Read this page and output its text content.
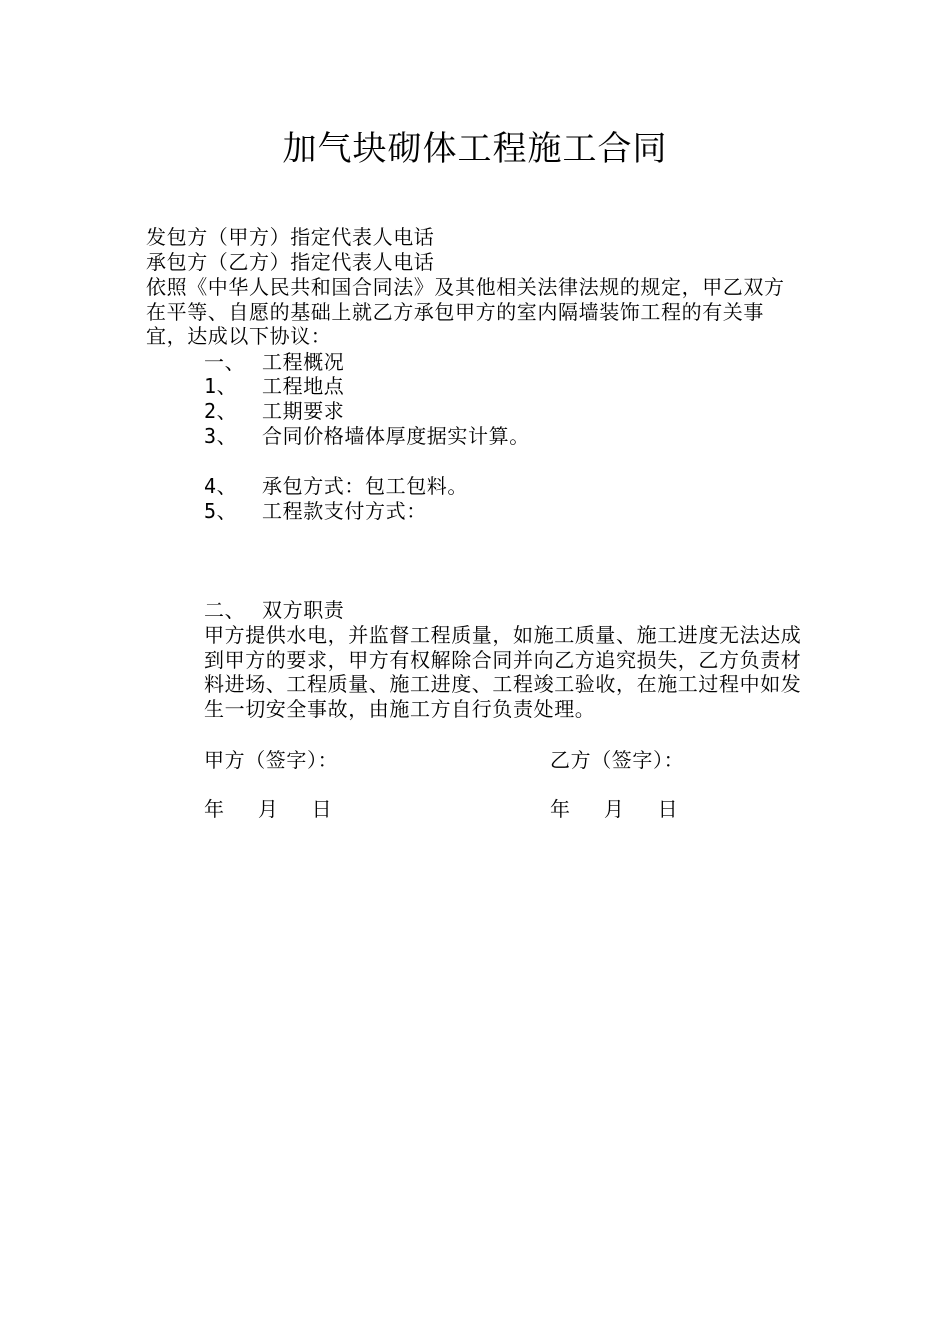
加气块砌体工程施工合同
发包方（甲方）指定代表人电话
承包方（乙方）指定代表人电话
依照《中华人民共和国合同法》及其他相关法律法规的规定，甲乙双方在平等、自愿的基础上就乙方承包甲方的室内隔墙装饰工程的有关事宜，达成以下协议：
一、 工程概况
1、 工程地点
2、 工期要求
3、 合同价格墙体厚度据实计算。
4、 承包方式：包工包料。
5、 工程款支付方式：
二、 双方职责
甲方提供水电，并监督工程质量，如施工质量、施工进度无法达成到甲方的要求，甲方有权解除合同并向乙方追究损失，乙方负责材料进场、工程质量、施工进度、工程竣工验收，在施工过程中如发生一切安全事故，由施工方自行负责处理。
甲方（签字）：	乙方（签字）：
年　 月 　日	年　 月 　日
